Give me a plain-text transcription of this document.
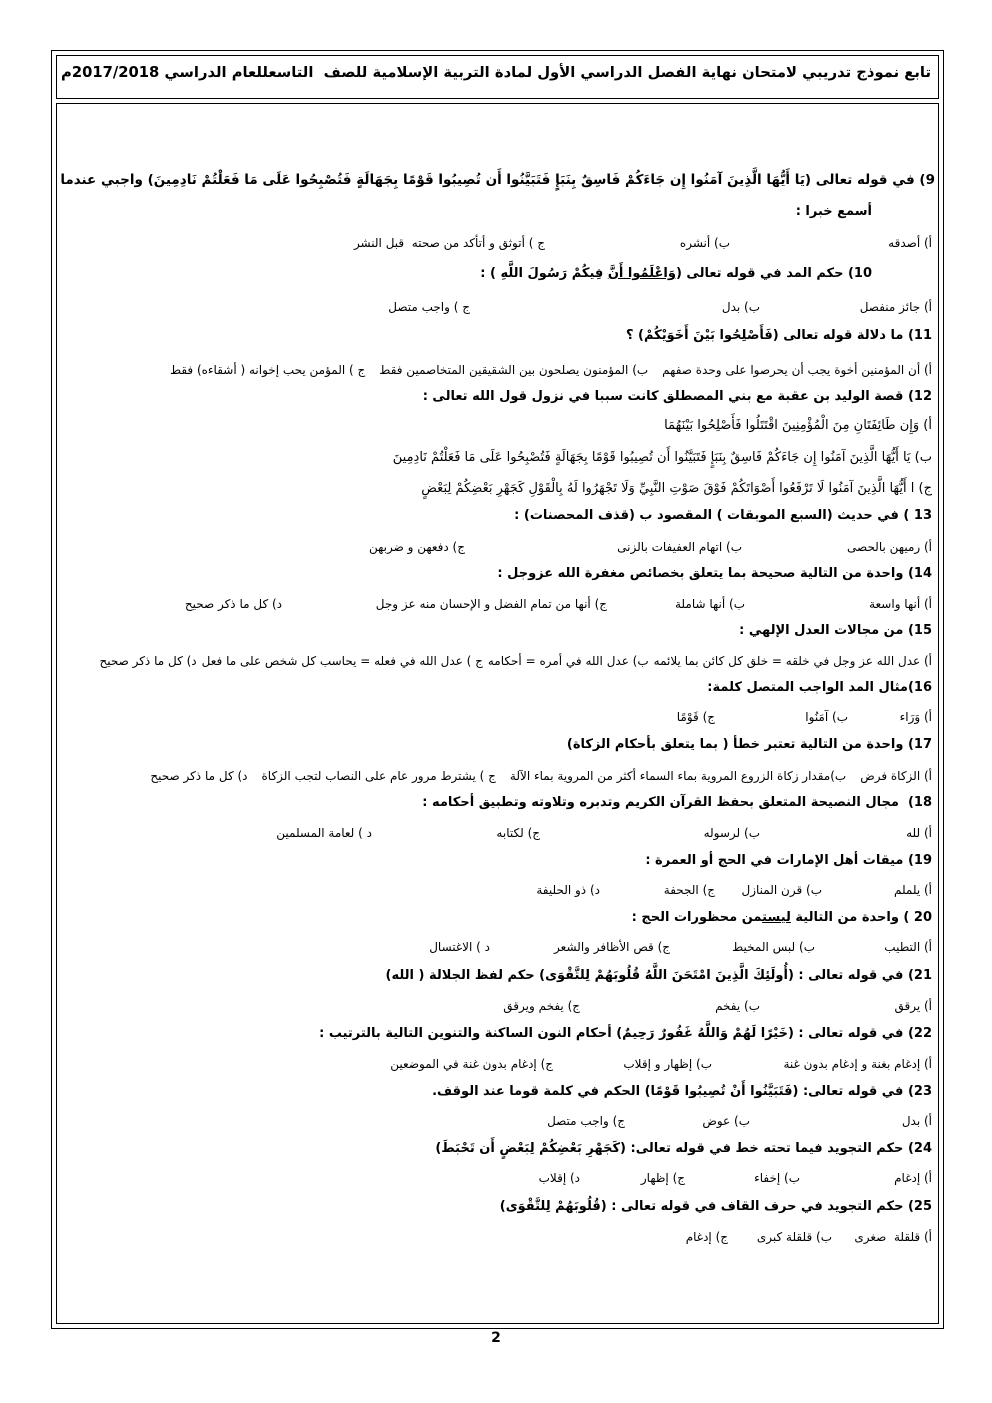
تابع نموذج تدريبي لامتحان نهاية الفصل الدراسي الأول لمادة التربية الإسلامية للصف  التاسعللعام الدراسي 2017/2018م
9) في قوله تعالى (يَا أَيُّهَا الَّذِينَ آمَنُوا إِن جَاءَكُمْ فَاسِقٌ بِنَبَإٍ فَتَبَيَّنُوا أَن تُصِيبُوا قَوْمًا بِجَهَالَةٍ فَتُصْبِحُوا عَلَى مَا فَعَلْتُمْ نَادِمِينَ) واجبي عندما
أسمع خبرا :
أ) أصدقه
ب) أنشره
ج ) أتوثق و أتأكد من صحته  قبل النشر
10) حكم المد في قوله تعالى (وَاعْلَمُوا أَنَّ فِيكُمْ رَسُولَ اللَّهِ ) :
أ) جائز منفصل
ب) بدل
ج ) واجب متصل
11) ما دلالة قوله تعالى (فَأَصْلِحُوا بَيْنَ أَخَوَيْكُمْ) ؟
أ) أن المؤمنين أخوة يجب أن يحرصوا على وحدة صفهمب) المؤمنون يصلحون بين الشقيقين المتخاصمين فقطج ) المؤمن يحب إخوانه ( أشقاءه) فقط
12) قصة الوليد بن عقبة مع بني المصطلق كانت سببا في نزول قول الله تعالى :
أ) وَإِن طَائِفَتَانِ مِنَ الْمُؤْمِنِينَ اقْتَتَلُوا فَأَصْلِحُوا بَيْنَهُمَا
ب) يَا أَيُّهَا الَّذِينَ آمَنُوا إِن جَاءَكُمْ فَاسِقٌ بِنَبَإٍ فَتَبَيَّنُوا أَن تُصِيبُوا قَوْمًا بِجَهَالَةٍ فَتُصْبِحُوا عَلَى مَا فَعَلْتُمْ نَادِمِينَ
ج) ا أَيُّهَا الَّذِينَ آمَنُوا لَا تَرْفَعُوا أَصْوَاتَكُمْ فَوْقَ صَوْتِ النَّبِيِّ وَلَا تَجْهَرُوا لَهُ بِالْقَوْلِ كَجَهْرِ بَعْضِكُمْ لِبَعْضٍ
13 ) في حديث (السبع الموبقات ) المقصود ب (قذف المحصنات) :
أ) رميهن بالحصى
ب) اتهام العفيفات بالزنى
ج) دفعهن و ضربهن
14) واحدة من التالية صحيحة بما يتعلق بخصائص مغفرة الله عزوجل :
أ) أنها واسعة
ب) أنها شاملة
ج) أنها من تمام الفضل و الإحسان منه عز وجل
د) كل ما ذكر صحيح
15) من مجالات العدل الإلهي :
أ) عدل الله عز وجل في خلقه = خلق كل كائن بما يلائمهب) عدل الله في أمره = أحكامهج ) عدل الله في فعله = يحاسب كل شخص على ما فعلد) كل ما ذكر صحيح
16)مثال المد الواجب المتصل كلمة:
أ) وَرَاء
ب) آمَنُوا
ج) قَوْمًا
17) واحدة من التالية تعتبر خطأ ( بما يتعلق بأحكام الزكاة)
أ) الزكاة فرضب)مقدار زكاة الزروع المروية بماء السماء أكثر من المروية بماء الآلةج ) يشترط مرور عام على النصاب لتجب الزكاةد) كل ما ذكر صحيح
18)  مجال النصيحة المتعلق بحفظ القرآن الكريم وتدبره وتلاوته وتطبيق أحكامه :
أ) لله
ب) لرسوله
ج) لكتابه
د ) لعامة المسلمين
19) ميقات أهل الإمارات في الحج أو العمرة :
أ) يلملم
ب) قرن المنازل
ج) الجحفة
د) ذو الحليفة
20 ) واحدة من التالية ليستمن محظورات الحج :
أ) التطيب
ب) لبس المخيط
ج) قص الأظافر والشعر
د ) الاغتسال
21) في قوله تعالى : (أُولَئِكَ الَّذِينَ امْتَحَنَ اللَّهُ قُلُوبَهُمْ لِلتَّقْوَى) حكم لفظ الجلالة ( الله)
أ) يرقق
ب) يفخم
ج) يفخم ويرقق
22) في قوله تعالى : (خَيْرًا لَهُمْ وَاللَّهُ غَفُورٌ رَحِيمٌ) أحكام النون الساكنة والتنوين التالية بالترتيب :
أ) إدغام بغنة و إدغام بدون غنة
ب) إظهار و إقلاب
ج) إدغام بدون غنة في الموضعين
23) في قوله تعالى: (فَتَبَيَّنُوا أَنْ تُصِيبُوا قَوْمًا) الحكم في كلمة قوما عند الوقف.
أ) بدل
ب) عوض
ج) واجب متصل
24) حكم التجويد فيما تحته خط في قوله تعالى: (كَجَهْرِ بَعْضِكُمْ لِبَعْضٍ أَن تَحْبَطَ)
أ) إدغام
ب) إخفاء
ج) إظهار
د) إقلاب
25) حكم التجويد في حرف القاف في قوله تعالى : (قُلُوبَهُمْ لِلتَّقْوَى)
أ) قلقلة  صغرى
ب) قلقلة كبرى
ج) إدغام
2
